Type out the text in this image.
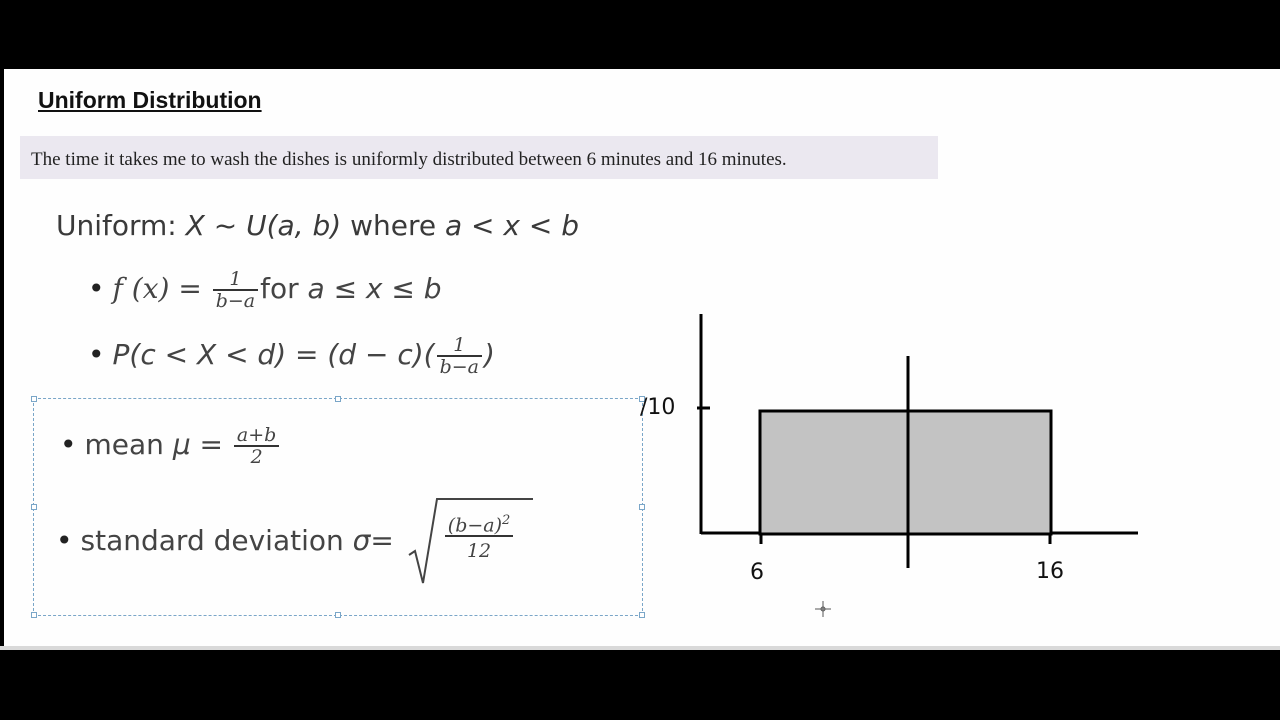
Uniform Distribution
The time it takes me to wash the dishes is uniformly distributed between 6 minutes and 16 minutes.
Uniform: X ~ U(a, b) where a < x < b
• f $(x) = \frac{1}{b-a}$ for a ≤ x ≤ b
• $P(c < X < d) = (d - c)( \frac{1}{b-a}$ )
• mean $\mu = \frac{a+b}{2}$
• standard deviation $\sigma= \frac{(b-a)^2}{12}$
/10
6	16
